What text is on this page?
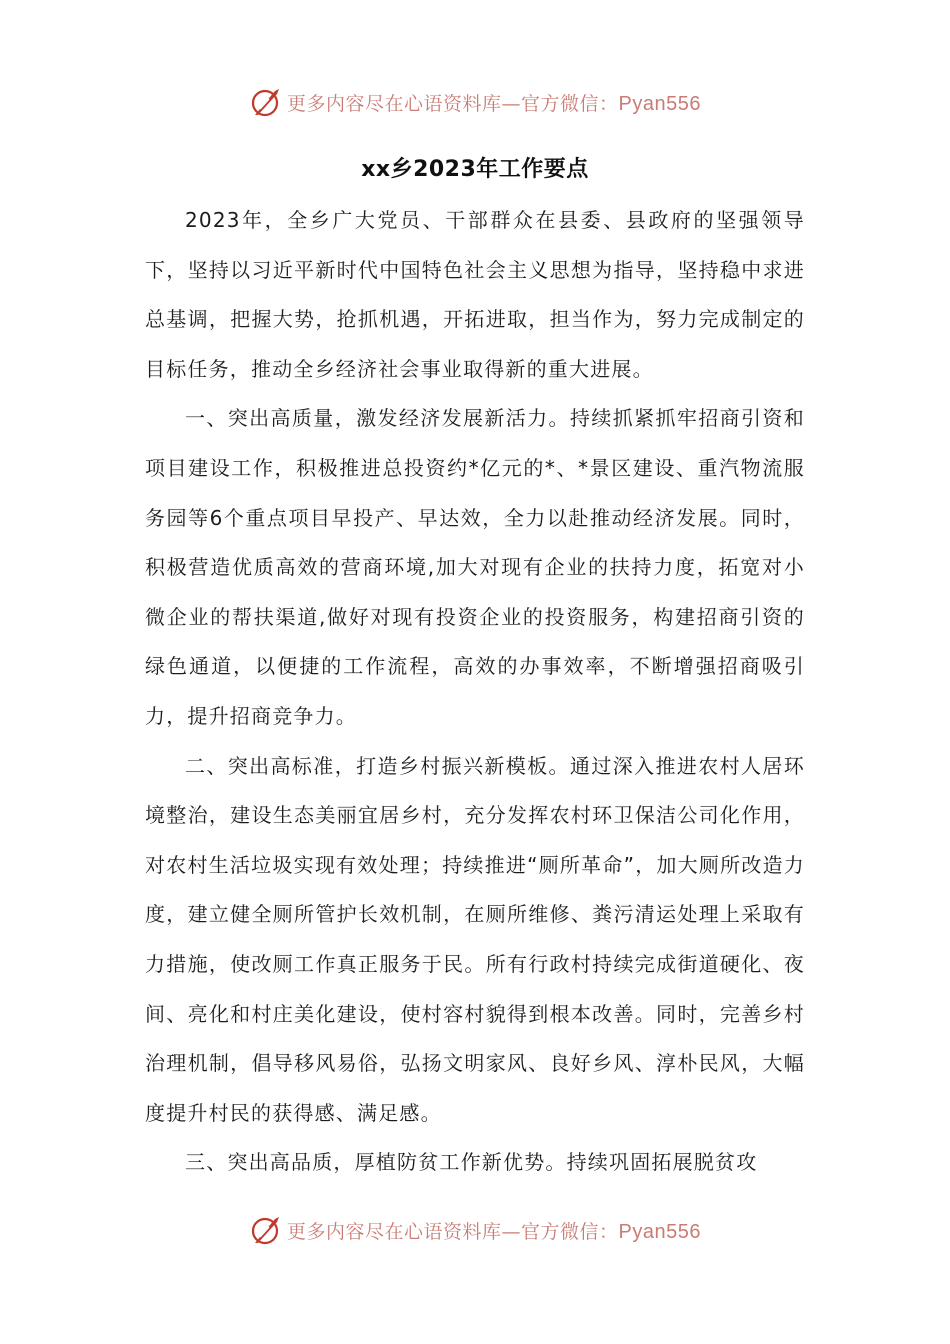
更多内容尽在心语资料库—官方微信：Pyan556
xx乡2023年工作要点

2023年，全乡广大党员、干部群众在县委、县政府的坚强领导下，坚持以习近平新时代中国特色社会主义思想为指导，坚持稳中求进总基调，把握大势，抢抓机遇，开拓进取，担当作为，努力完成制定的目标任务，推动全乡经济社会事业取得新的重大进展。

一、突出高质量，激发经济发展新活力。持续抓紧抓牢招商引资和项目建设工作，积极推进总投资约*亿元的*、*景区建设、重汽物流服务园等6个重点项目早投产、早达效，全力以赴推动经济发展。同时，积极营造优质高效的营商环境,加大对现有企业的扶持力度，拓宽对小微企业的帮扶渠道,做好对现有投资企业的投资服务，构建招商引资的绿色通道，以便捷的工作流程，高效的办事效率，不断增强招商吸引力，提升招商竞争力。

二、突出高标准，打造乡村振兴新模板。通过深入推进农村人居环境整治，建设生态美丽宜居乡村，充分发挥农村环卫保洁公司化作用，对农村生活垃圾实现有效处理；持续推进“厕所革命”，加大厕所改造力度，建立健全厕所管护长效机制，在厕所维修、粪污清运处理上采取有力措施，使改厕工作真正服务于民。所有行政村持续完成街道硬化、夜间、亮化和村庄美化建设，使村容村貌得到根本改善。同时，完善乡村治理机制，倡导移风易俗，弘扬文明家风、良好乡风、淳朴民风，大幅度提升村民的获得感、满足感。

三、突出高品质，厚植防贫工作新优势。持续巩固拓展脱贫攻

更多内容尽在心语资料库—官方微信：Pyan556
